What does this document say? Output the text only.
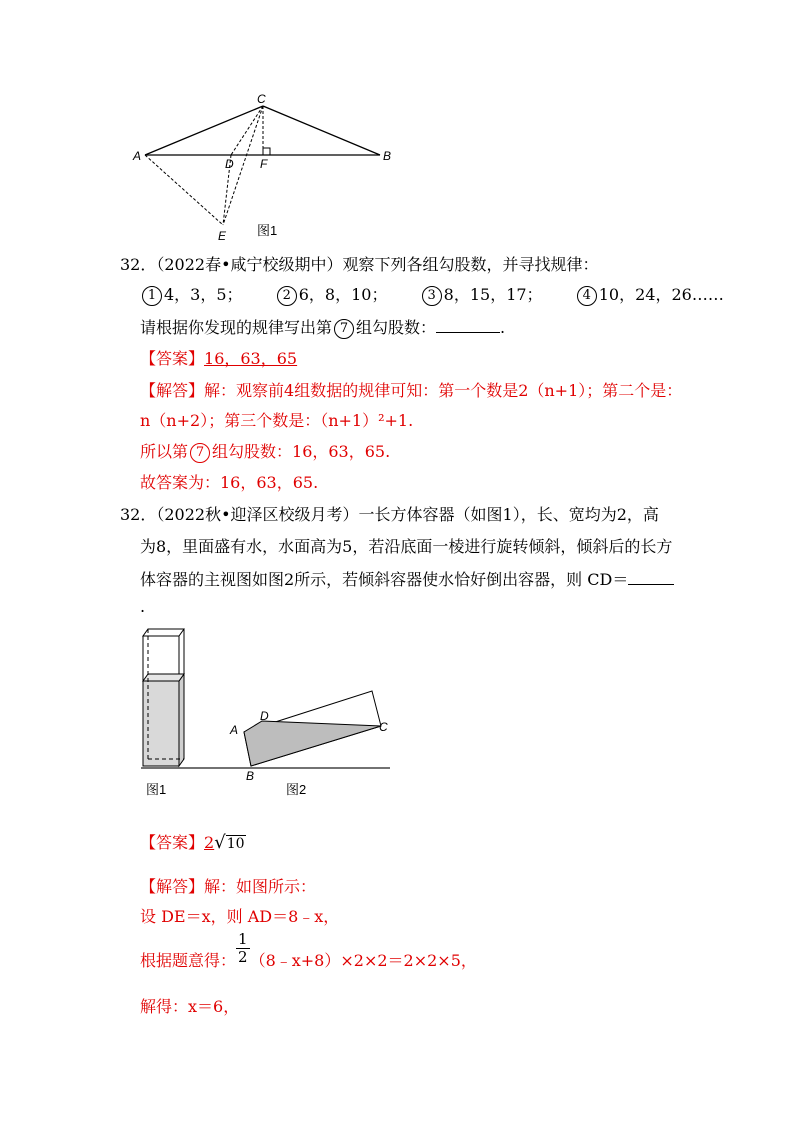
C
A	B
D F
E 图1
32．（2022春•咸宁校级期中）观察下列各组勾股数，并寻找规律：
1 4，3，5；	2 6，8，10；	3 8，15，17；	4 10，24，26……
请根据你发现的规律写出第 7 组勾股数：	.
【答案】16，63，65
【解答】解：观察前4组数据的规律可知：第一个数是2（n+1）；第二个是：
n（n+2）；第三个数是：（n+1）²+1.
所以第 7 组勾股数：16，63，65.
故答案为：16，63，65.
32．（2022秋•迎泽区校级月考）一长方体容器（如图1），长、宽均为2，高
为8，里面盛有水，水面高为5，若沿底面一棱进行旋转倾斜，倾斜后的长方
体容器的主视图如图2所示，若倾斜容器使水恰好倒出容器，则 CD＝
.
A
D
C
B
图1	图2
【答案】2√10
【解答】解：如图所示：
设 DE＝x，则 AD＝8﹣x，
根据题意得： $\frac{1}{2}$ （8﹣x+8）×2×2＝2×2×5，
解得：x＝6，
